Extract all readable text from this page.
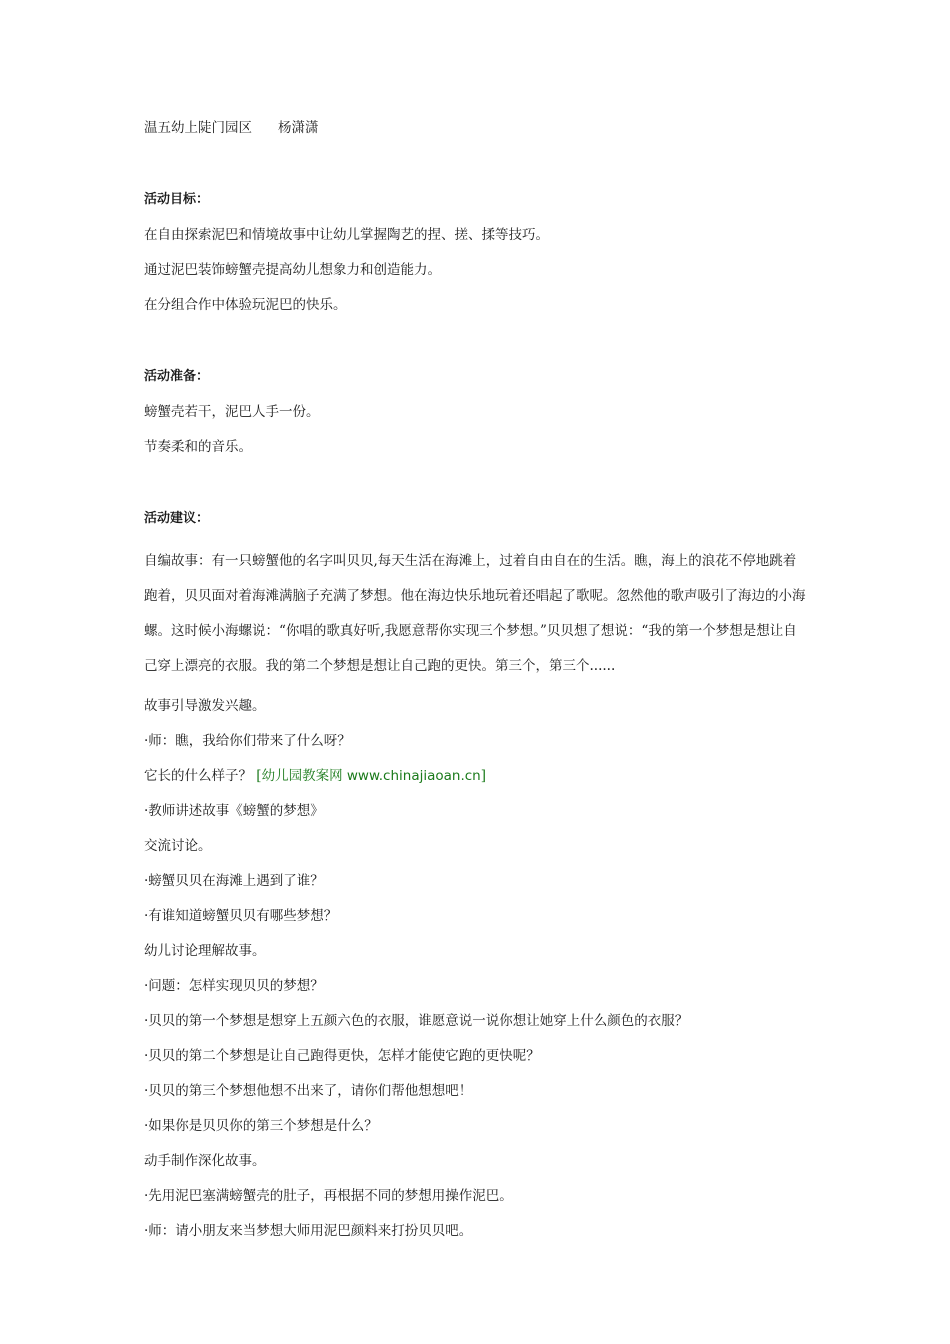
温五幼上陡门园区 杨潇潇
活动目标：
在自由探索泥巴和情境故事中让幼儿掌握陶艺的捏、搓、揉等技巧。
通过泥巴装饰螃蟹壳提高幼儿想象力和创造能力。
在分组合作中体验玩泥巴的快乐。
活动准备：
螃蟹壳若干，泥巴人手一份。
节奏柔和的音乐。
活动建议：
自编故事：有一只螃蟹他的名字叫贝贝,每天生活在海滩上，过着自由自在的生活。瞧，海上的浪花不停地跳着跑着，贝贝面对着海滩满脑子充满了梦想。他在海边快乐地玩着还唱起了歌呢。忽然他的歌声吸引了海边的小海螺。这时候小海螺说：“你唱的歌真好听,我愿意帮你实现三个梦想。”贝贝想了想说：“我的第一个梦想是想让自己穿上漂亮的衣服。我的第二个梦想是想让自己跑的更快。第三个，第三个......
故事引导激发兴趣。
·师：瞧，我给你们带来了什么呀？
它长的什么样子？ [幼儿园教案网 www.chinajiaoan.cn]
·教师讲述故事《螃蟹的梦想》
交流讨论。
·螃蟹贝贝在海滩上遇到了谁？
·有谁知道螃蟹贝贝有哪些梦想？
幼儿讨论理解故事。
·问题：怎样实现贝贝的梦想？
·贝贝的第一个梦想是想穿上五颜六色的衣服，谁愿意说一说你想让她穿上什么颜色的衣服？
·贝贝的第二个梦想是让自己跑得更快，怎样才能使它跑的更快呢？
·贝贝的第三个梦想他想不出来了，请你们帮他想想吧！
·如果你是贝贝你的第三个梦想是什么？
动手制作深化故事。
·先用泥巴塞满螃蟹壳的肚子，再根据不同的梦想用操作泥巴。
·师：请小朋友来当梦想大师用泥巴颜料来打扮贝贝吧。
